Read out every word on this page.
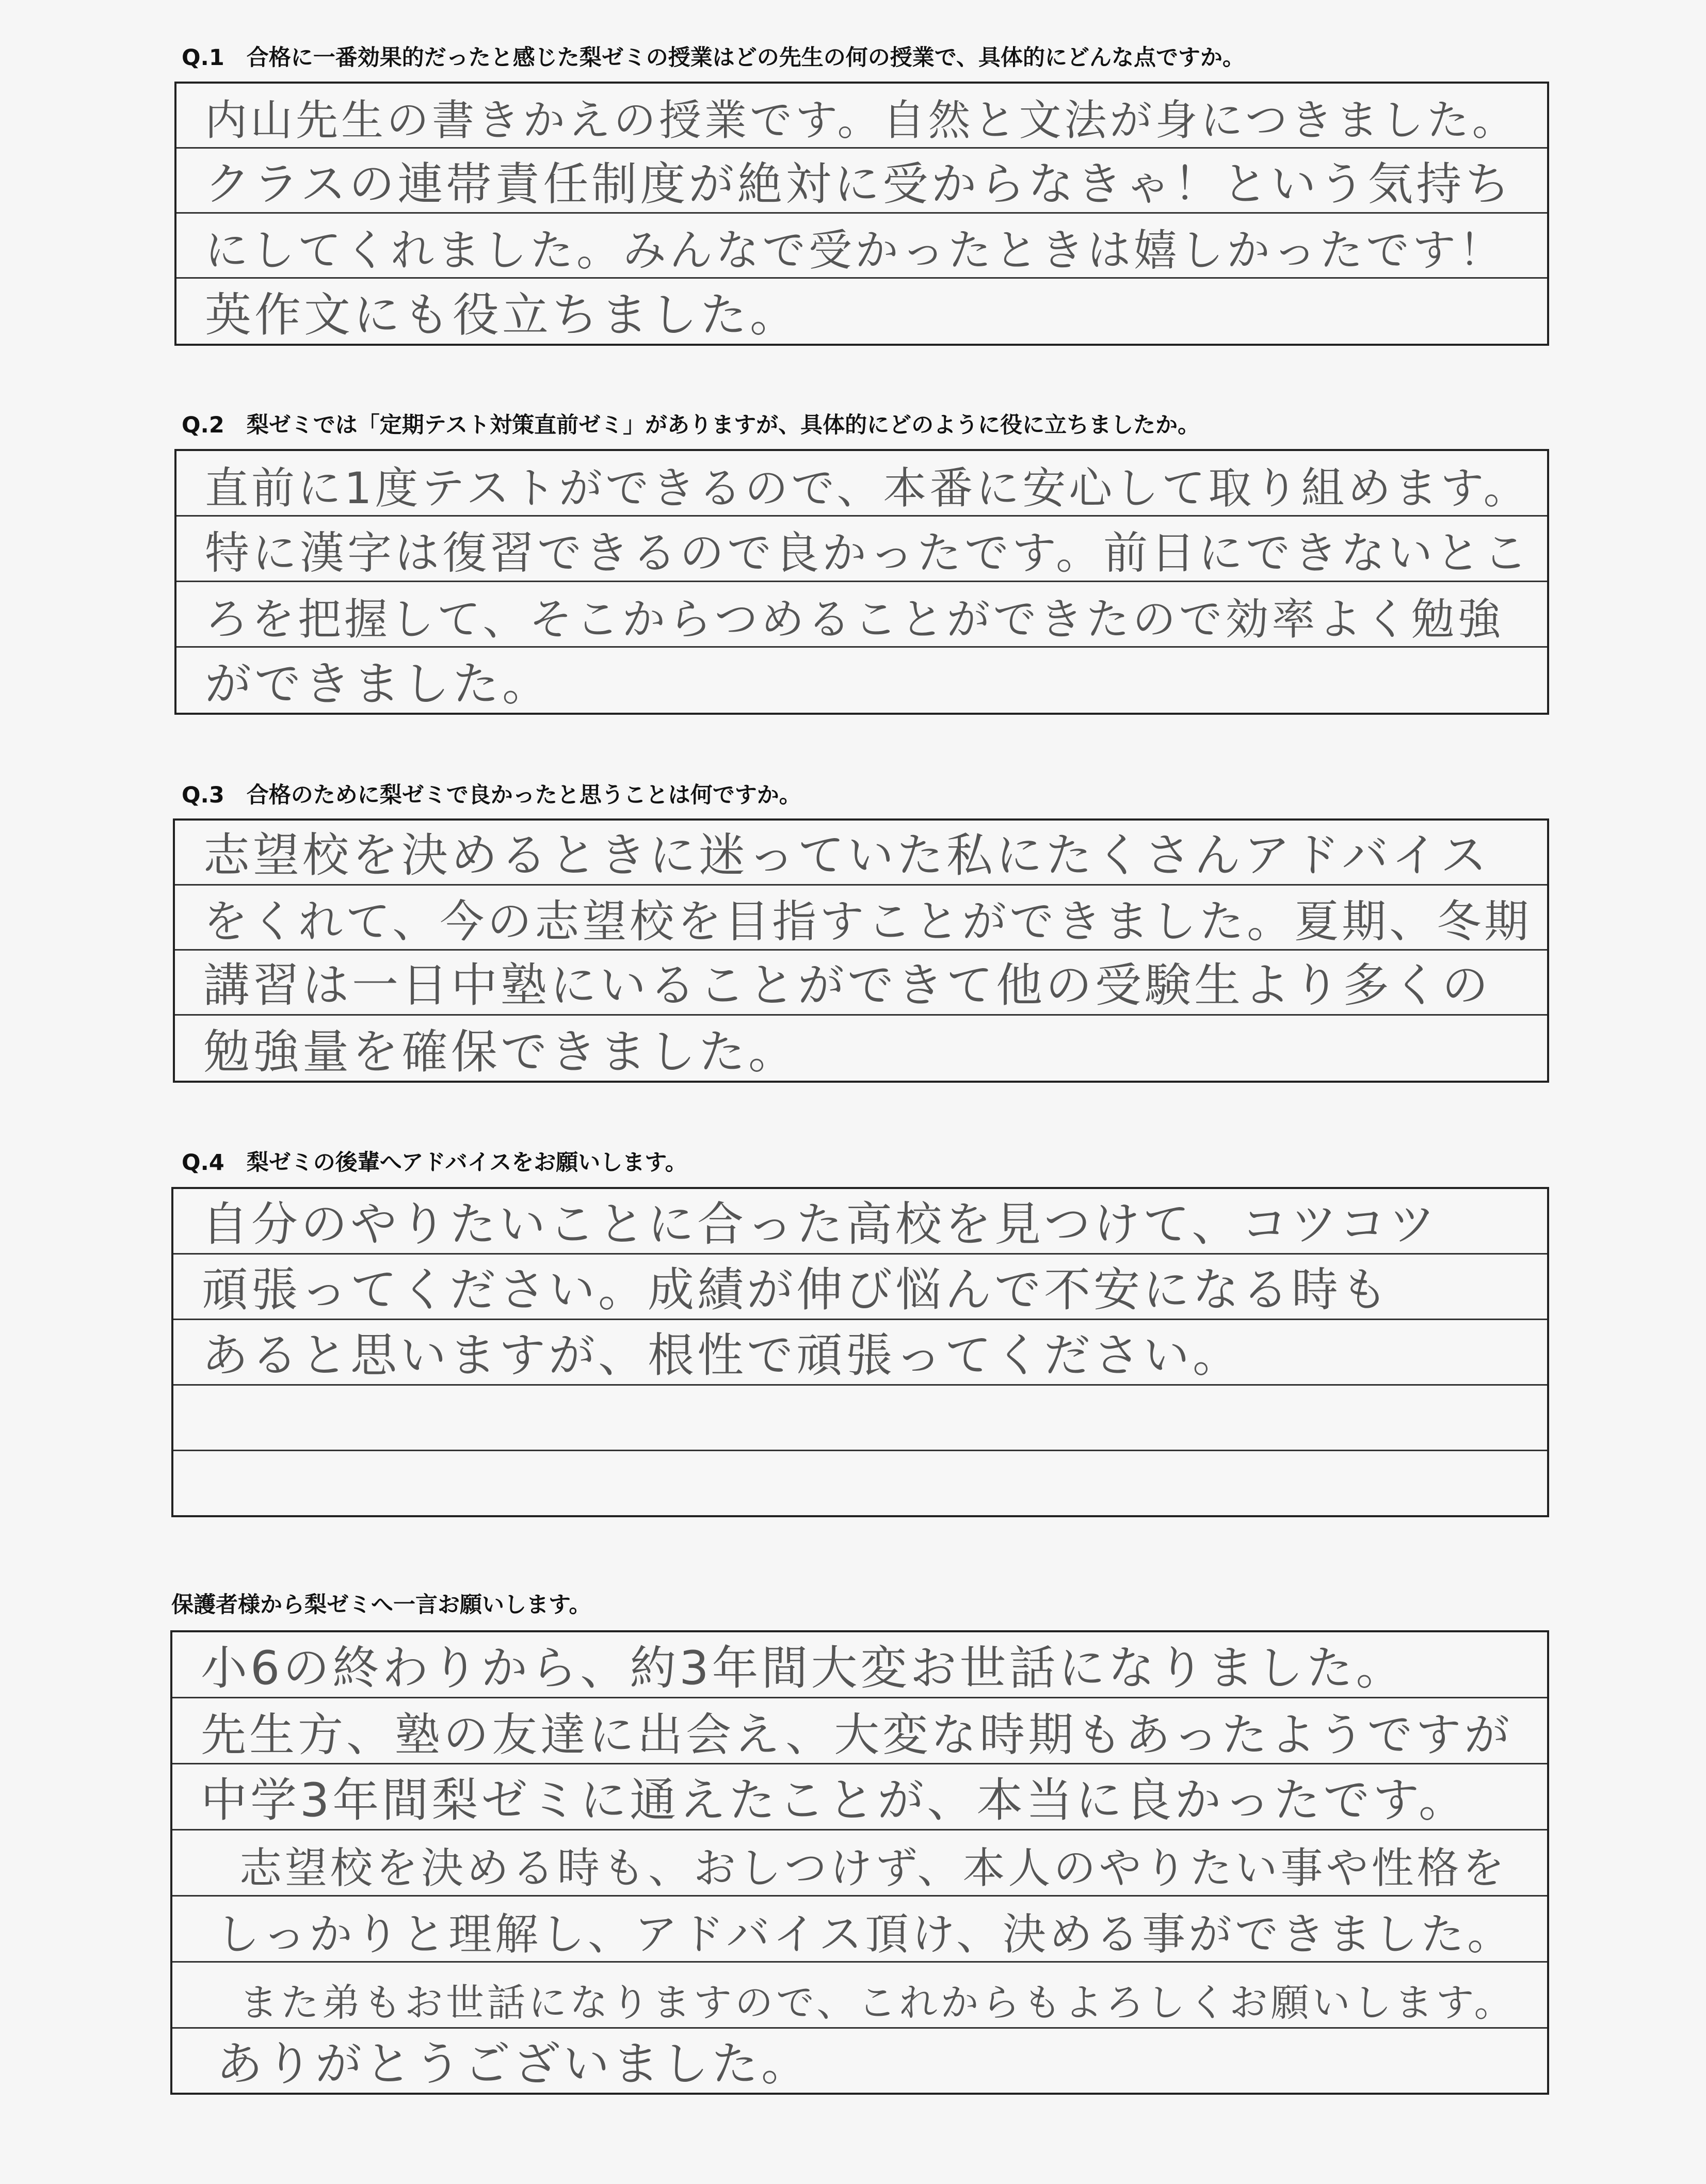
Q.1　合格に一番効果的だったと感じた梨ゼミの授業はどの先生の何の授業で、具体的にどんな点ですか。
内山先生の書きかえの授業です。自然と文法が身につきました。
クラスの連帯責任制度が絶対に受からなきゃ！という気持ち
にしてくれました。みんなで受かったときは嬉しかったです！
英作文にも役立ちました。
Q.2　梨ゼミでは「定期テスト対策直前ゼミ」がありますが、具体的にどのように役に立ちましたか。
直前に1度テストができるので、本番に安心して取り組めます。
特に漢字は復習できるので良かったです。前日にできないとこ
ろを把握して、そこからつめることができたので効率よく勉強
ができました。
Q.3　合格のために梨ゼミで良かったと思うことは何ですか。
志望校を決めるときに迷っていた私にたくさんアドバイス
をくれて、今の志望校を目指すことができました。夏期、冬期
講習は一日中塾にいることができて他の受験生より多くの
勉強量を確保できました。
Q.4　梨ゼミの後輩へアドバイスをお願いします。
自分のやりたいことに合った高校を見つけて、コツコツ
頑張ってください。成績が伸び悩んで不安になる時も
あると思いますが、根性で頑張ってください。
保護者様から梨ゼミへ一言お願いします。
小6の終わりから、約3年間大変お世話になりました。
先生方、塾の友達に出会え、大変な時期もあったようですが
中学3年間梨ゼミに通えたことが、本当に良かったです。
志望校を決める時も、おしつけず、本人のやりたい事や性格を
しっかりと理解し、アドバイス頂け、決める事ができました。
また弟もお世話になりますので、これからもよろしくお願いします。
ありがとうございました。
